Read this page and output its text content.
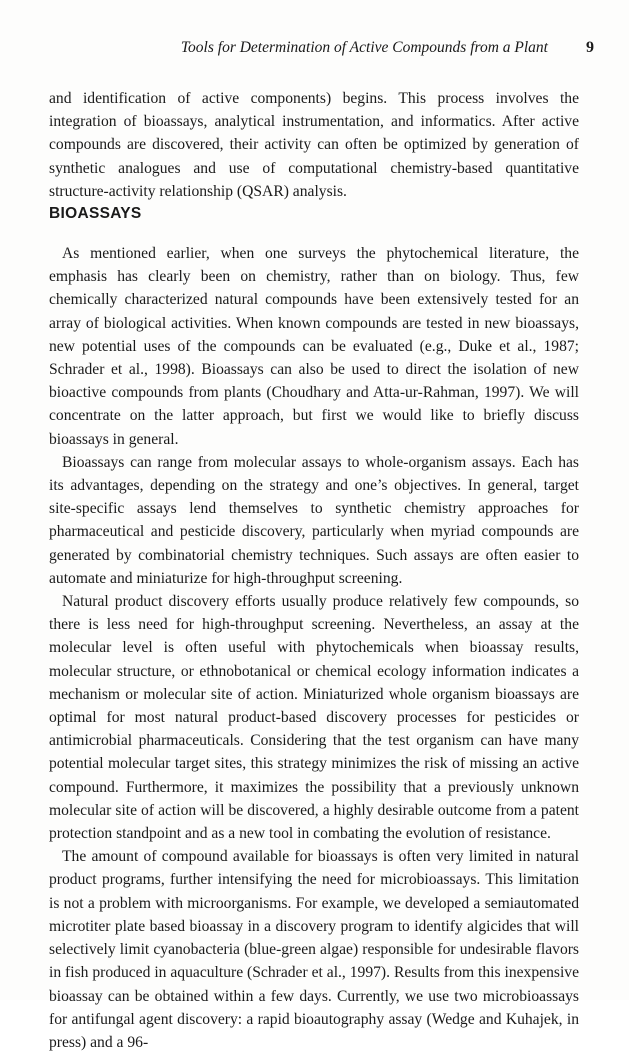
Tools for Determination of Active Compounds from a Plant 9

and identification of active components) begins. This process involves the integration of bioassays, analytical instrumentation, and informatics. After active compounds are discovered, their activity can often be optimized by generation of synthetic analogues and use of computational chemistry-based quantitative structure-activity relationship (QSAR) analysis.

BIOASSAYS

As mentioned earlier, when one surveys the phytochemical literature, the emphasis has clearly been on chemistry, rather than on biology. Thus, few chemically characterized natural compounds have been extensively tested for an array of biological activities. When known compounds are tested in new bioassays, new potential uses of the compounds can be evaluated (e.g., Duke et al., 1987; Schrader et al., 1998). Bioassays can also be used to direct the isolation of new bioactive compounds from plants (Choudhary and Atta-ur-Rahman, 1997). We will concentrate on the latter approach, but first we would like to briefly discuss bioassays in general.

Bioassays can range from molecular assays to whole-organism assays. Each has its advantages, depending on the strategy and one’s objectives. In general, target site-specific assays lend themselves to synthetic chemistry approaches for pharmaceutical and pesticide discovery, particularly when myriad compounds are generated by combinatorial chemistry techniques. Such assays are often easier to automate and miniaturize for high-throughput screening.

Natural product discovery efforts usually produce relatively few compounds, so there is less need for high-throughput screening. Nevertheless, an assay at the molecular level is often useful with phytochemicals when bioassay results, molecular structure, or ethnobotanical or chemical ecology information indicates a mechanism or molecular site of action. Miniaturized whole organism bioassays are optimal for most natural product-based discovery processes for pesticides or antimicrobial pharmaceuticals. Considering that the test organism can have many potential molecular target sites, this strategy minimizes the risk of missing an active compound. Furthermore, it maximizes the possibility that a previously unknown molecular site of action will be discovered, a highly desirable outcome from a patent protection standpoint and as a new tool in combating the evolution of resistance.

The amount of compound available for bioassays is often very limited in natural product programs, further intensifying the need for microbioassays. This limitation is not a problem with microorganisms. For example, we developed a semiautomated microtiter plate based bioassay in a discovery program to identify algicides that will selectively limit cyanobacteria (blue-green algae) responsible for undesirable flavors in fish produced in aquaculture (Schrader et al., 1997). Results from this inexpensive bioassay can be obtained within a few days. Currently, we use two microbioassays for antifungal agent discovery: a rapid bioautography assay (Wedge and Kuhajek, in press) and a 96-
